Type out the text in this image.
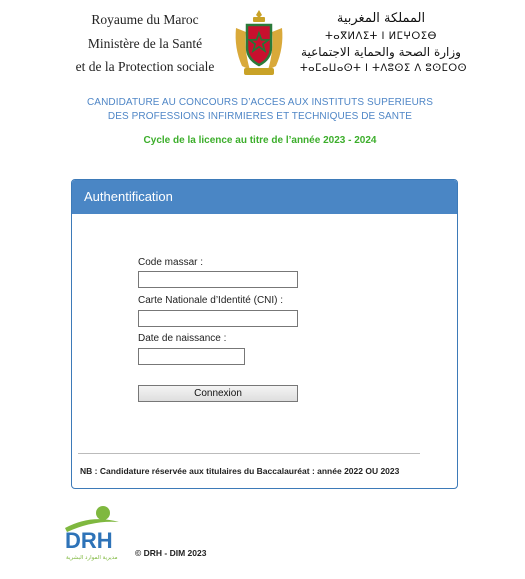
Royaume du Maroc
Ministère de la Santé
et de la Protection sociale
المملكة المغربية
ⵜⴰⴳⵍⴷⵉⵜ ⵏ ⵍⵎⵖⵔⵉⴱ
وزارة الصحة والحماية الاجتماعية
ⵜⴰⵎⴰⵡⴰⵙⵜ ⵏ ⵜⴷⵓⵙⵉ ⴷ ⵓⵙⵎⵔⵙ
CANDIDATURE AU CONCOURS D’ACCES AUX INSTITUTS SUPERIEURS
DES PROFESSIONS INFIRMIERES ET TECHNIQUES DE SANTE
Cycle de la licence au titre de l’année 2023 - 2024
Authentification
Code massar :
Carte Nationale d’Identité (CNI) :
Date de naissance :
Connexion
NB : Candidature réservée aux titulaires du Baccalauréat : année 2022 OU 2023
DRH
مديرية الموارد البشرية © DRH - DIM 2023
